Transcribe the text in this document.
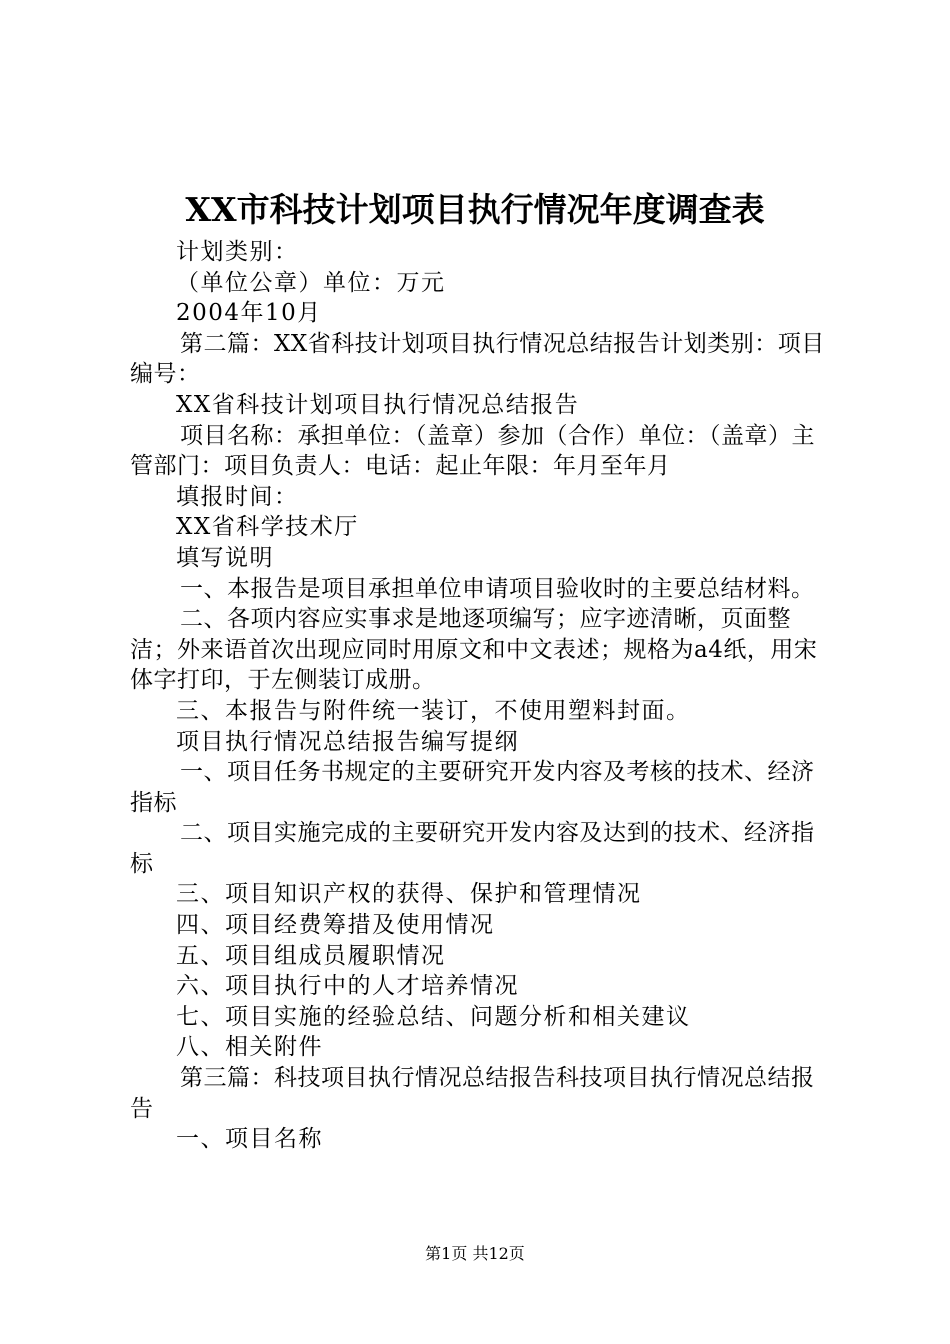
XX市科技计划项目执行情况年度调查表

计划类别：

（单位公章）单位：万元

2004年10月

第二篇：XX省科技计划项目执行情况总结报告计划类别：项目编号：

XX省科技计划项目执行情况总结报告

项目名称：承担单位：（盖章）参加（合作）单位：（盖章）主管部门：项目负责人：电话：起止年限：年月至年月

填报时间：

XX省科学技术厅

填写说明

一、本报告是项目承担单位申请项目验收时的主要总结材料。

二、各项内容应实事求是地逐项编写；应字迹清晰，页面整洁；外来语首次出现应同时用原文和中文表述；规格为a4纸，用宋体字打印，于左侧装订成册。

三、本报告与附件统一装订，不使用塑料封面。

项目执行情况总结报告编写提纲

一、项目任务书规定的主要研究开发内容及考核的技术、经济指标

二、项目实施完成的主要研究开发内容及达到的技术、经济指标

三、项目知识产权的获得、保护和管理情况

四、项目经费筹措及使用情况

五、项目组成员履职情况

六、项目执行中的人才培养情况

七、项目实施的经验总结、问题分析和相关建议

八、相关附件

第三篇：科技项目执行情况总结报告科技项目执行情况总结报告

一、项目名称

第1页 共12页
